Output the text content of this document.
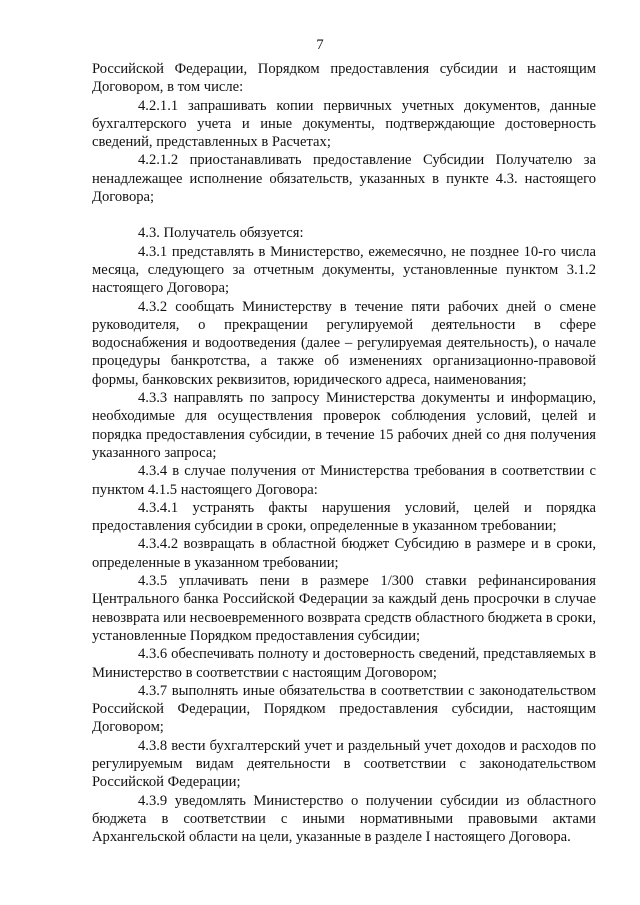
7

Российской Федерации, Порядком предоставления субсидии и настоящим Договором, в том числе:

4.2.1.1 запрашивать копии первичных учетных документов, данные бухгалтерского учета и иные документы, подтверждающие достоверность сведений, представленных в Расчетах;

4.2.1.2 приостанавливать предоставление Субсидии Получателю за ненадлежащее исполнение обязательств, указанных в пункте 4.3. настоящего Договора;

4.3. Получатель обязуется:

4.3.1 представлять в Министерство, ежемесячно, не позднее 10-го числа месяца, следующего за отчетным документы, установленные пунктом 3.1.2 настоящего Договора;

4.3.2 сообщать Министерству в течение пяти рабочих дней о смене руководителя, о прекращении регулируемой деятельности в сфере водоснабжения и водоотведения (далее – регулируемая деятельность), о начале процедуры банкротства, а также об изменениях организационно-правовой формы, банковских реквизитов, юридического адреса, наименования;

4.3.3 направлять по запросу Министерства документы и информацию, необходимые для осуществления проверок соблюдения условий, целей и порядка предоставления субсидии, в течение 15 рабочих дней со дня получения указанного запроса;

4.3.4 в случае получения от Министерства требования в соответствии с пунктом 4.1.5 настоящего Договора:

4.3.4.1 устранять факты нарушения условий, целей и порядка предоставления субсидии в сроки, определенные в указанном требовании;

4.3.4.2 возвращать в областной бюджет Субсидию в размере и в сроки, определенные в указанном требовании;

4.3.5 уплачивать пени в размере 1/300 ставки рефинансирования Центрального банка Российской Федерации за каждый день просрочки в случае невозврата или несвоевременного возврата средств областного бюджета в сроки, установленные Порядком предоставления субсидии;

4.3.6 обеспечивать полноту и достоверность сведений, представляемых в Министерство в соответствии с настоящим Договором;

4.3.7 выполнять иные обязательства в соответствии с законодательством Российской Федерации, Порядком предоставления субсидии, настоящим Договором;

4.3.8 вести бухгалтерский учет и раздельный учет доходов и расходов по регулируемым видам деятельности в соответствии с законодательством Российской Федерации;

4.3.9 уведомлять Министерство о получении субсидии из областного бюджета в соответствии с иными нормативными правовыми актами Архангельской области на цели, указанные в разделе I настоящего Договора.
